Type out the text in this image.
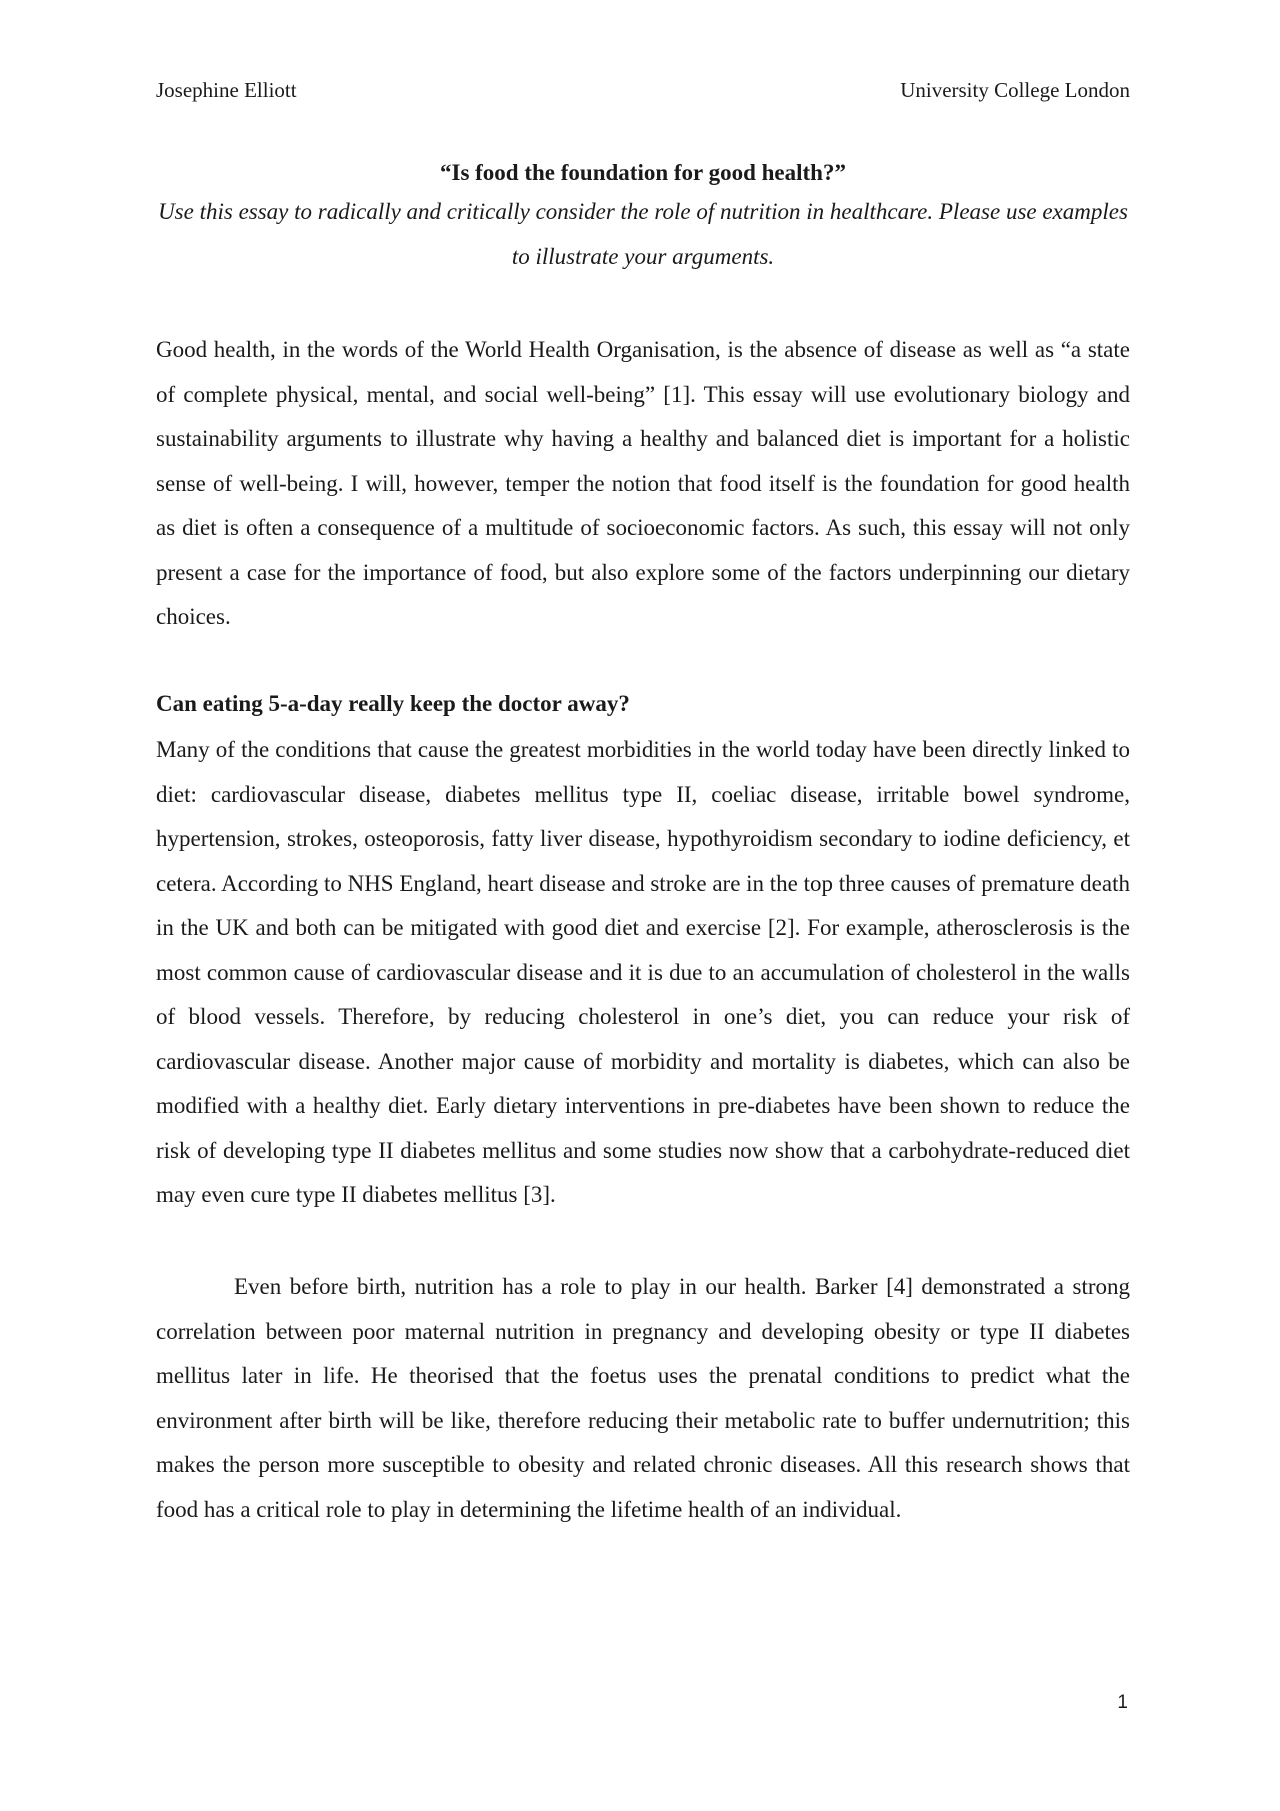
Josephine Elliott	University College London

“Is food the foundation for good health?”

Use this essay to radically and critically consider the role of nutrition in healthcare. Please use examples to illustrate your arguments.

Good health, in the words of the World Health Organisation, is the absence of disease as well as “a state of complete physical, mental, and social well-being” [1]. This essay will use evolutionary biology and sustainability arguments to illustrate why having a healthy and balanced diet is important for a holistic sense of well-being. I will, however, temper the notion that food itself is the foundation for good health as diet is often a consequence of a multitude of socioeconomic factors. As such, this essay will not only present a case for the importance of food, but also explore some of the factors underpinning our dietary choices.

Can eating 5-a-day really keep the doctor away?

Many of the conditions that cause the greatest morbidities in the world today have been directly linked to diet: cardiovascular disease, diabetes mellitus type II, coeliac disease, irritable bowel syndrome, hypertension, strokes, osteoporosis, fatty liver disease, hypothyroidism secondary to iodine deficiency, et cetera. According to NHS England, heart disease and stroke are in the top three causes of premature death in the UK and both can be mitigated with good diet and exercise [2]. For example, atherosclerosis is the most common cause of cardiovascular disease and it is due to an accumulation of cholesterol in the walls of blood vessels. Therefore, by reducing cholesterol in one’s diet, you can reduce your risk of cardiovascular disease. Another major cause of morbidity and mortality is diabetes, which can also be modified with a healthy diet. Early dietary interventions in pre-diabetes have been shown to reduce the risk of developing type II diabetes mellitus and some studies now show that a carbohydrate-reduced diet may even cure type II diabetes mellitus [3].

Even before birth, nutrition has a role to play in our health. Barker [4] demonstrated a strong correlation between poor maternal nutrition in pregnancy and developing obesity or type II diabetes mellitus later in life. He theorised that the foetus uses the prenatal conditions to predict what the environment after birth will be like, therefore reducing their metabolic rate to buffer undernutrition; this makes the person more susceptible to obesity and related chronic diseases. All this research shows that food has a critical role to play in determining the lifetime health of an individual.

1
